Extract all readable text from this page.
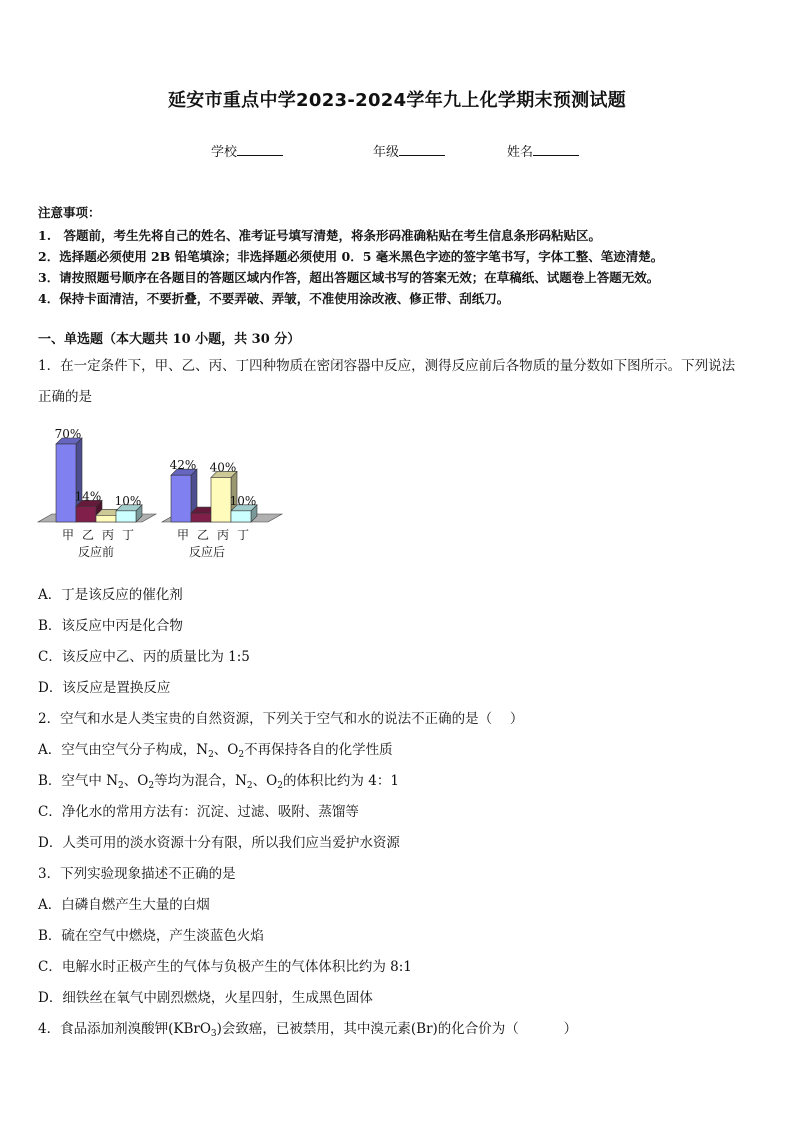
延安市重点中学2023-2024学年九上化学期末预测试题
学校	年级	姓名
注意事项：
1.　答题前，考生先将自己的姓名、准考证号填写清楚，将条形码准确粘贴在考生信息条形码粘贴区。
2．选择题必须使用 2B 铅笔填涂；非选择题必须使用 0．5 毫米黑色字迹的签字笔书写，字体工整、笔迹清楚。
3．请按照题号顺序在各题目的答题区域内作答，超出答题区域书写的答案无效；在草稿纸、试题卷上答题无效。
4．保持卡面清洁，不要折叠，不要弄破、弄皱，不准使用涂改液、修正带、刮纸刀。
一、单选题（本大题共 10 小题，共 30 分）
1．在一定条件下，甲、乙、丙、丁四种物质在密闭容器中反应，测得反应前后各物质的量分数如下图所示。下列说法
正确的是
70%
14% 10%
42% 40%
10%
甲 乙 丙 丁	甲 乙 丙 丁
反应前	反应后
A．丁是该反应的催化剂
B．该反应中丙是化合物
C．该反应中乙、丙的质量比为 1:5
D．该反应是置换反应
2．空气和水是人类宝贵的自然资源，下列关于空气和水的说法不正确的是（　 ）
A．空气由空气分子构成，$N_2$、$O_2$不再保持各自的化学性质
B．空气中 $N_2$、$O_2$等均为混合，$N_2$、$O_2$的体积比约为 4：1
C．净化水的常用方法有：沉淀、过滤、吸附、蒸馏等
D．人类可用的淡水资源十分有限，所以我们应当爱护水资源
3．下列实验现象描述不正确的是
A．白磷自燃产生大量的白烟
B．硫在空气中燃烧，产生淡蓝色火焰
C．电解水时正极产生的气体与负极产生的气体体积比约为 8:1
D．细铁丝在氧气中剧烈燃烧，火星四射，生成黑色固体
4．食品添加剂溴酸钾(KBrO$_3$)会致癌，已被禁用，其中溴元素(Br)的化合价为（　　　 ）
